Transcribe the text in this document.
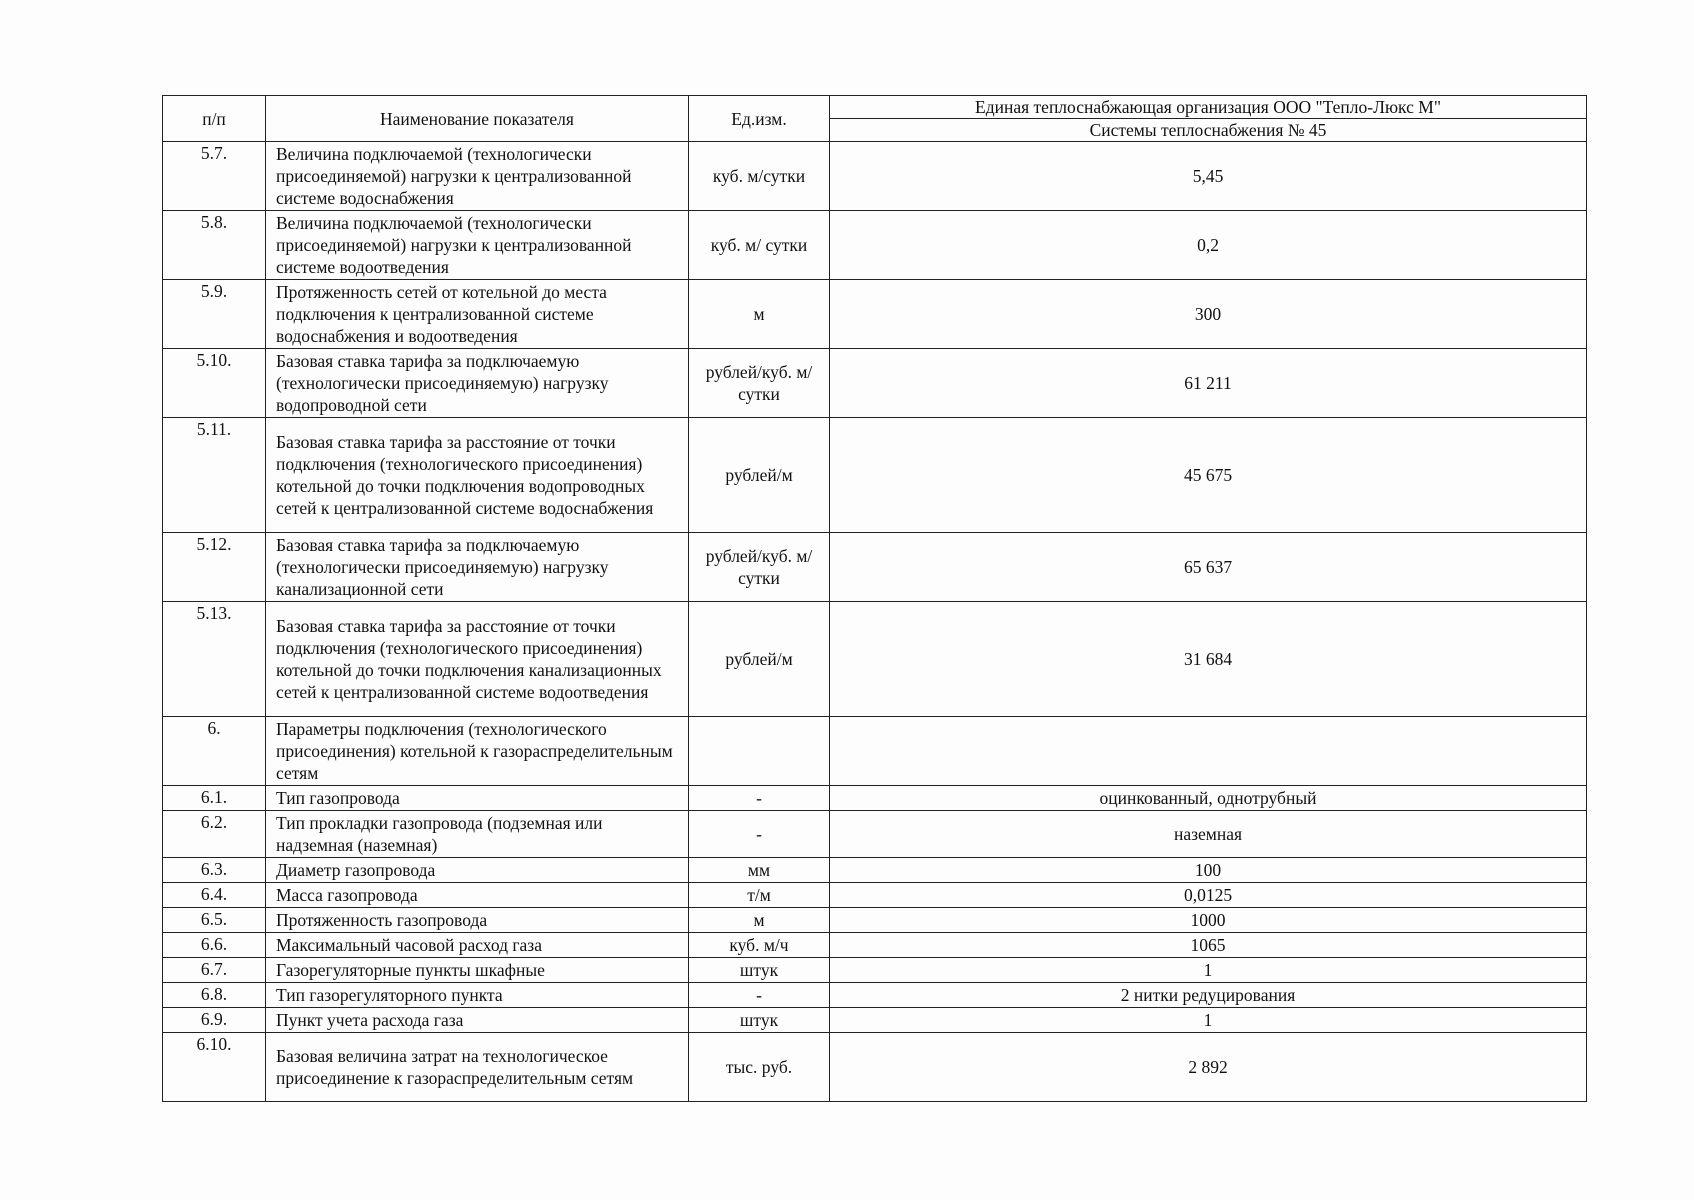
п/п	Наименование показателя	Ед.изм.	Единая теплоснабжающая организация ООО "Тепло-Люкс М"
			Системы теплоснабжения № 45
5.7.	Величина подключаемой (технологически присоединяемой) нагрузки к централизованной системе водоснабжения	куб. м/сутки	5,45
5.8.	Величина подключаемой (технологически присоединяемой) нагрузки к централизованной системе водоотведения	куб. м/ сутки	0,2
5.9.	Протяженность сетей от котельной до места подключения к централизованной системе водоснабжения и водоотведения	м	300
5.10.	Базовая ставка тарифа за подключаемую (технологически присоединяемую) нагрузку водопроводной сети	рублей/куб. м/сутки	61 211
5.11.	Базовая ставка тарифа за расстояние от точки подключения (технологического присоединения) котельной до точки подключения водопроводных сетей к централизованной системе водоснабжения	рублей/м	45 675
5.12.	Базовая ставка тарифа за подключаемую (технологически присоединяемую) нагрузку канализационной сети	рублей/куб. м/сутки	65 637
5.13.	Базовая ставка тарифа за расстояние от точки подключения (технологического присоединения) котельной до точки подключения канализационных сетей к централизованной системе водоотведения	рублей/м	31 684
6.	Параметры подключения (технологического присоединения) котельной к газораспределительным сетям		
6.1.	Тип газопровода	-	оцинкованный, однотрубный
6.2.	Тип прокладки газопровода (подземная или надземная (наземная)	-	наземная
6.3.	Диаметр газопровода	мм	100
6.4.	Масса газопровода	т/м	0,0125
6.5.	Протяженность газопровода	м	1000
6.6.	Максимальный часовой расход газа	куб. м/ч	1065
6.7.	Газорегуляторные пункты шкафные	штук	1
6.8.	Тип газорегуляторного пункта	-	2 нитки редуцирования
6.9.	Пункт учета расхода газа	штук	1
6.10.	Базовая величина затрат на технологическое присоединение к газораспределительным сетям	тыс. руб.	2 892
